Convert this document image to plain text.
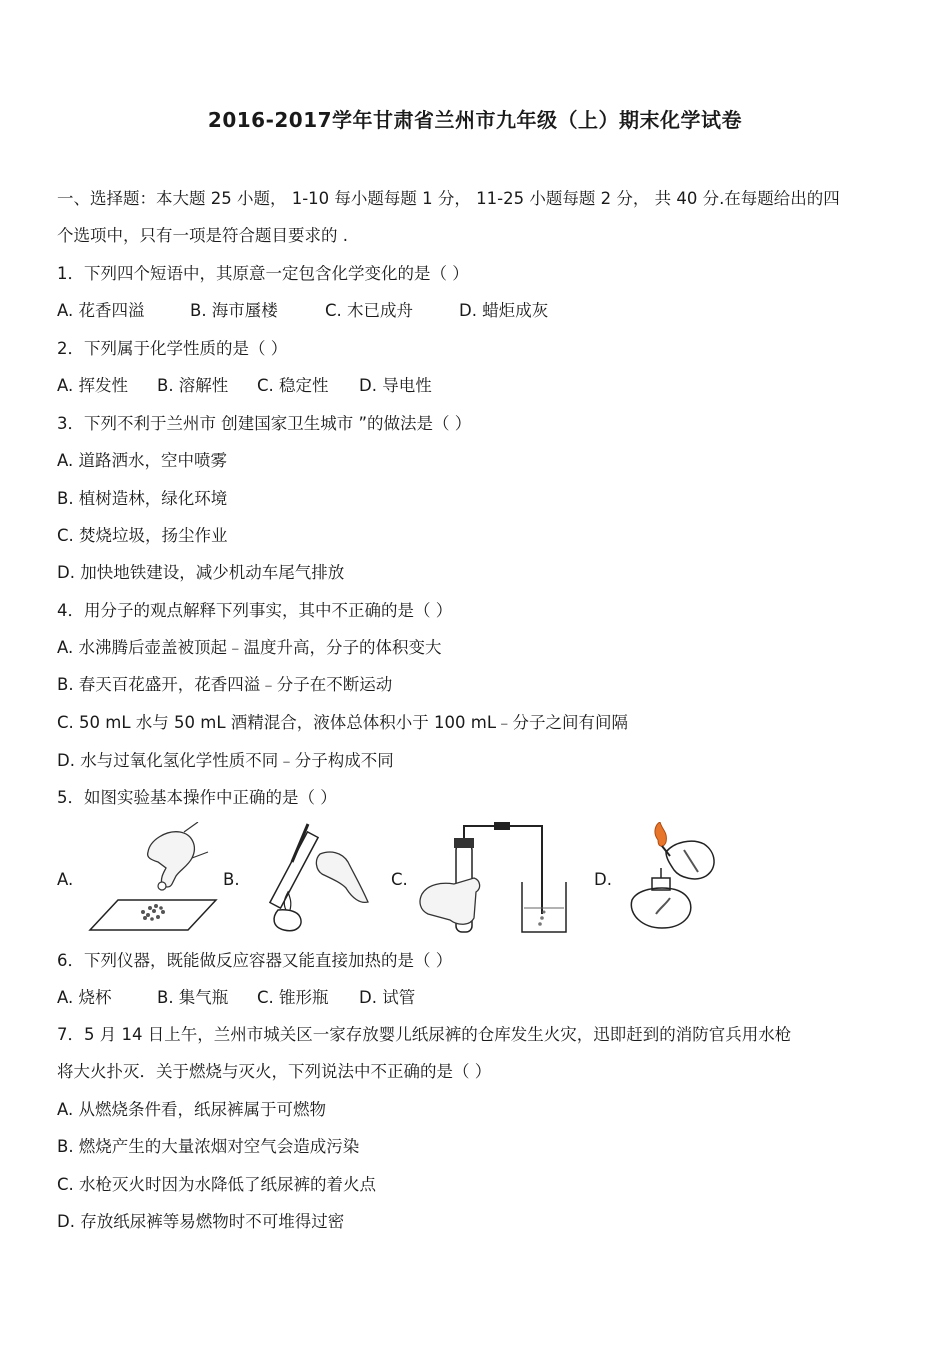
2016-2017学年甘肃省兰州市九年级（上）期末化学试卷
一、选择题：本大题 25 小题， 1-10 每小题每题 1 分， 11-25 小题每题 2 分， 共 40 分.在每题给出的四
个选项中，只有一项是符合题目要求的 .
1．下列四个短语中，其原意一定包含化学变化的是（ ）
A. 花香四溢	B. 海市蜃楼	C. 木已成舟	D. 蜡炬成灰
2．下列属于化学性质的是（ ）
A. 挥发性 B. 溶解性 C. 稳定性 D. 导电性
3．下列不利于兰州市 创建国家卫生城市 ”的做法是（ ）
A. 道路洒水，空中喷雾
B. 植树造林，绿化环境
C. 焚烧垃圾，扬尘作业
D. 加快地铁建设，减少机动车尾气排放
4．用分子的观点解释下列事实，其中不正确的是（ ）
A. 水沸腾后壶盖被顶起﹣温度升高，分子的体积变大
B. 春天百花盛开，花香四溢﹣分子在不断运动
C. 50 mL 水与 50 mL 酒精混合，液体总体积小于 100 mL﹣分子之间有间隔
D. 水与过氧化氢化学性质不同﹣分子构成不同
5．如图实验基本操作中正确的是（ ）
A.	B.	C.	D.
6．下列仪器，既能做反应容器又能直接加热的是（ ）
A. 烧杯	B. 集气瓶 C. 锥形瓶 D. 试管
7．5 月 14 日上午，兰州市城关区一家存放婴儿纸尿裤的仓库发生火灾，迅即赶到的消防官兵用水枪
将大火扑灭．关于燃烧与灭火，下列说法中不正确的是（ ）
A. 从燃烧条件看，纸尿裤属于可燃物
B. 燃烧产生的大量浓烟对空气会造成污染
C. 水枪灭火时因为水降低了纸尿裤的着火点
D. 存放纸尿裤等易燃物时不可堆得过密
